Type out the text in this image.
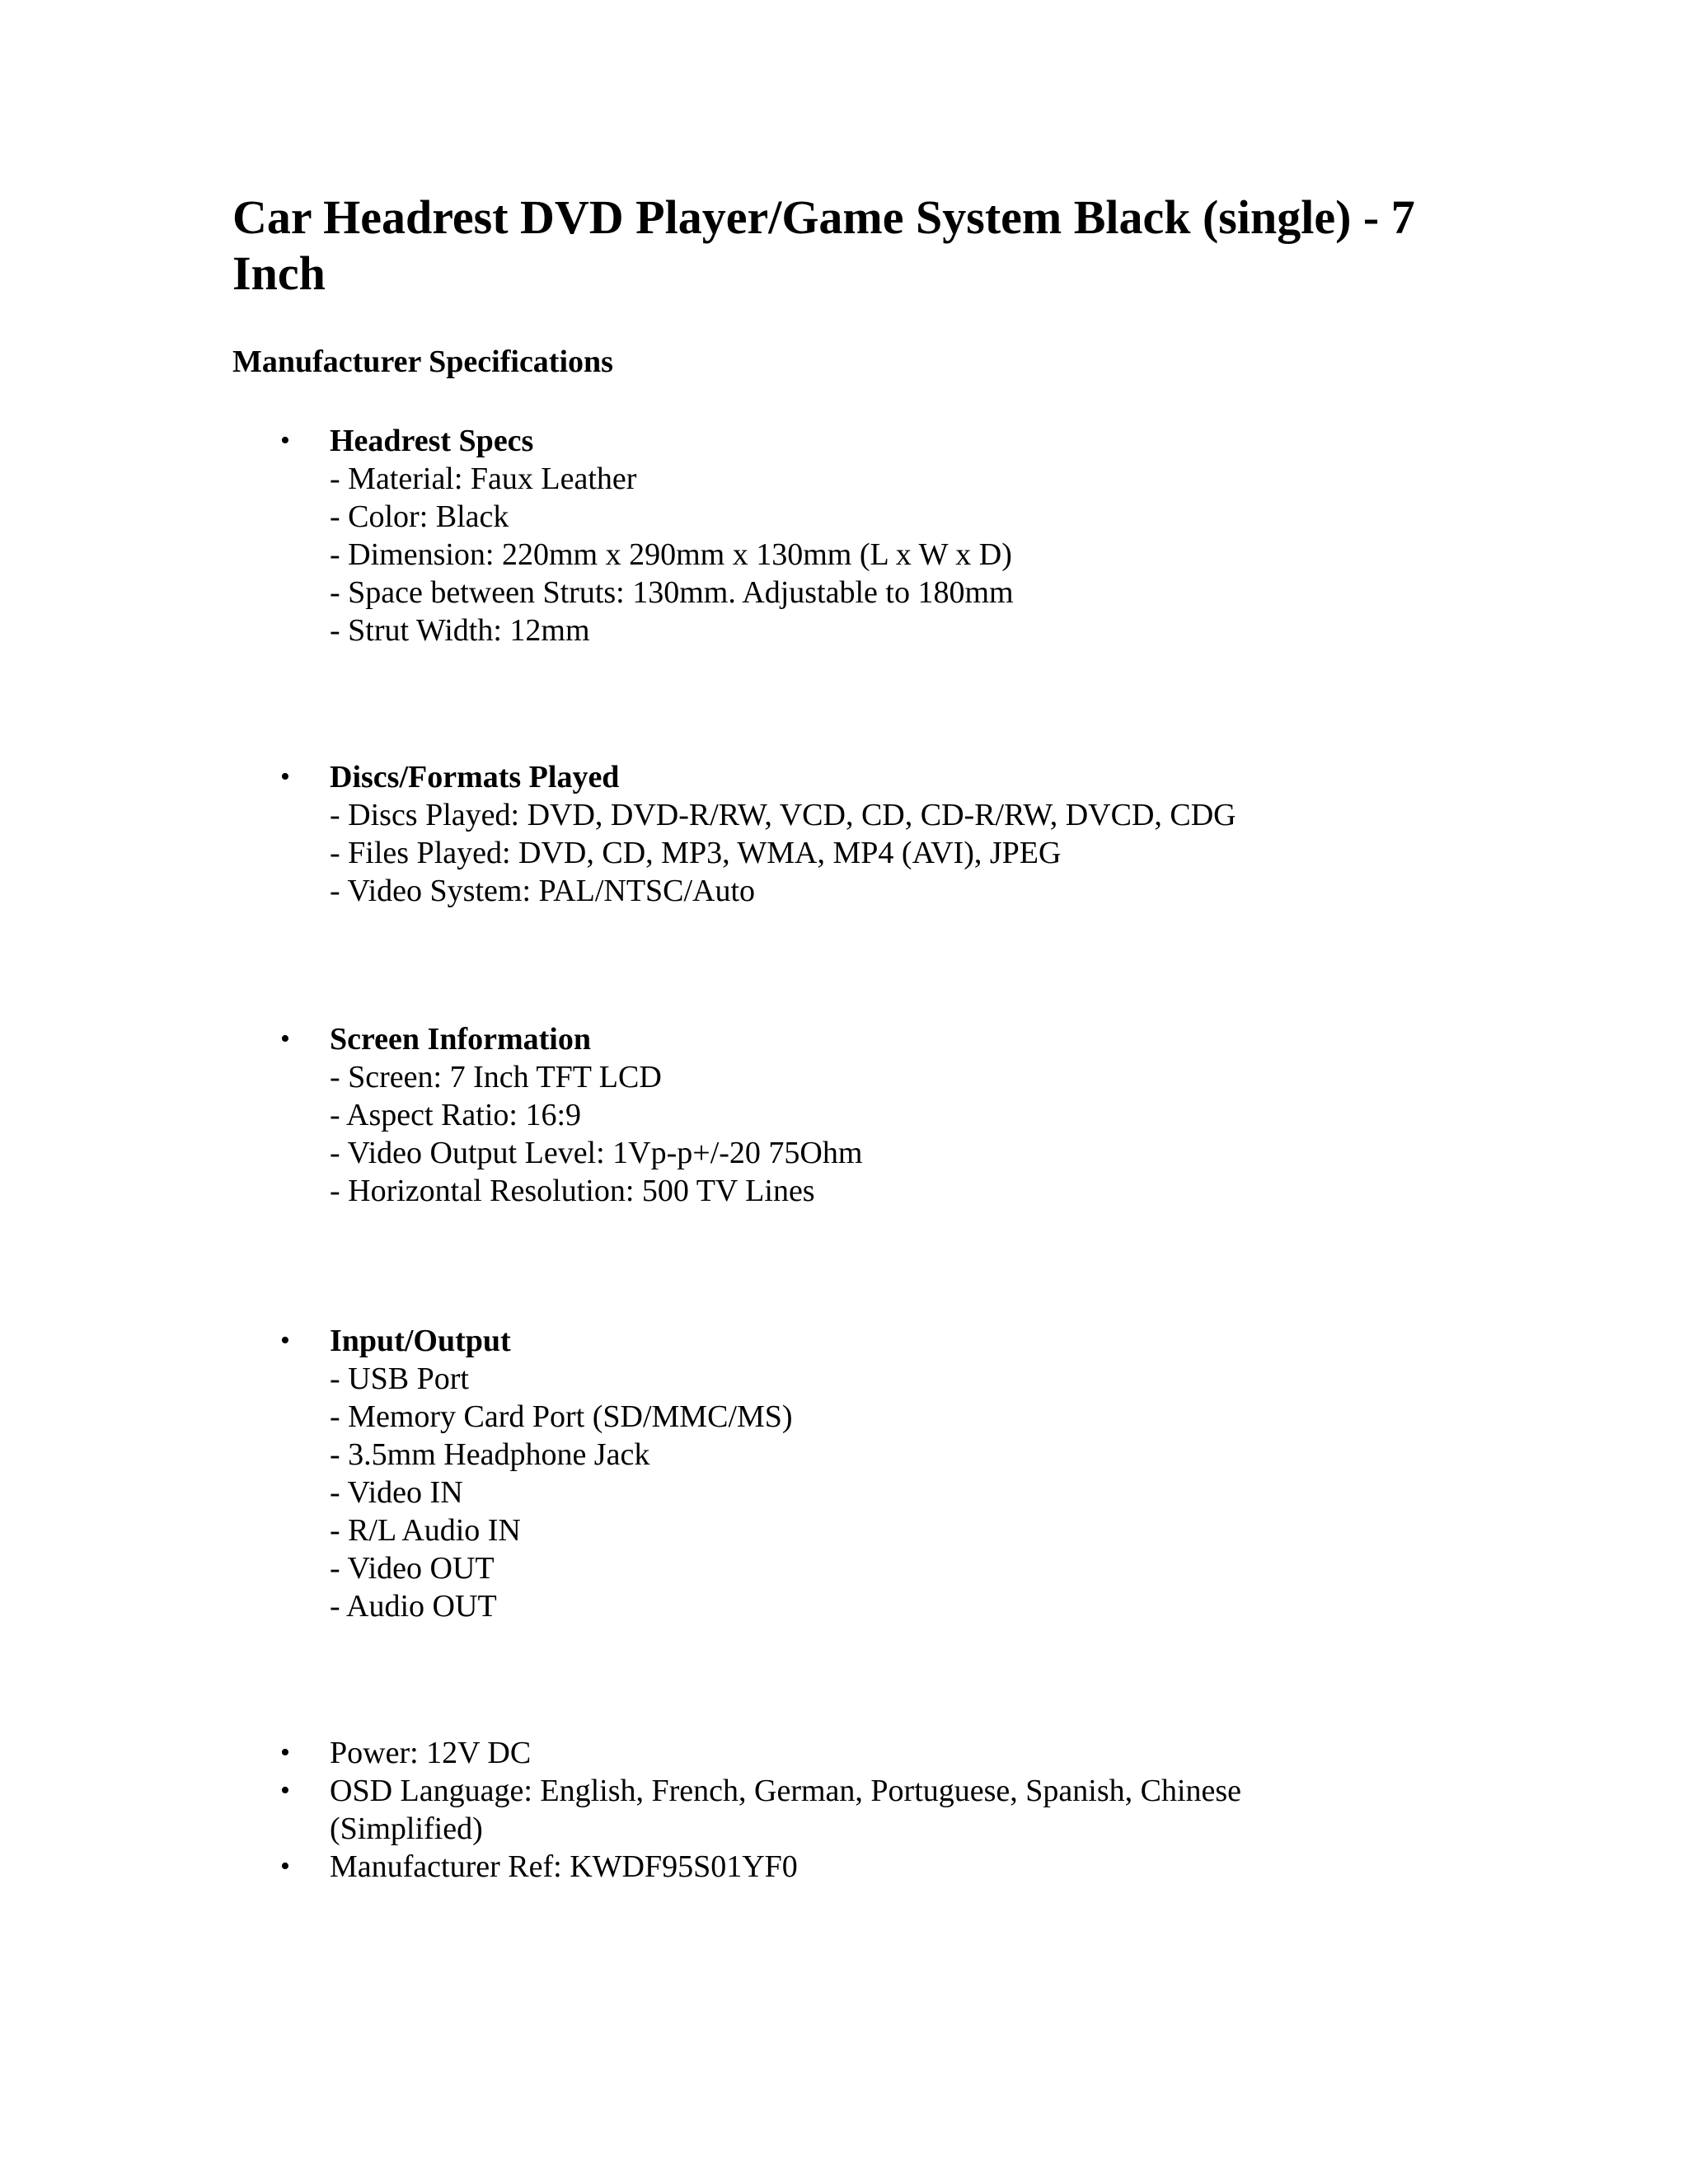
Car Headrest DVD Player/Game System Black (single) - 7 Inch
Manufacturer Specifications
• Headrest Specs
- Material: Faux Leather
- Color: Black
- Dimension: 220mm x 290mm x 130mm (L x W x D)
- Space between Struts: 130mm. Adjustable to 180mm
- Strut Width: 12mm
• Discs/Formats Played
- Discs Played: DVD, DVD-R/RW, VCD, CD, CD-R/RW, DVCD, CDG
- Files Played: DVD, CD, MP3, WMA, MP4 (AVI), JPEG
- Video System: PAL/NTSC/Auto
• Screen Information
- Screen: 7 Inch TFT LCD
- Aspect Ratio: 16:9
- Video Output Level: 1Vp-p+/-20 75Ohm
- Horizontal Resolution: 500 TV Lines
• Input/Output
- USB Port
- Memory Card Port (SD/MMC/MS)
- 3.5mm Headphone Jack
- Video IN
- R/L Audio IN
- Video OUT
- Audio OUT
• Power: 12V DC
• OSD Language: English, French, German, Portuguese, Spanish, Chinese (Simplified)
• Manufacturer Ref: KWDF95S01YF0
